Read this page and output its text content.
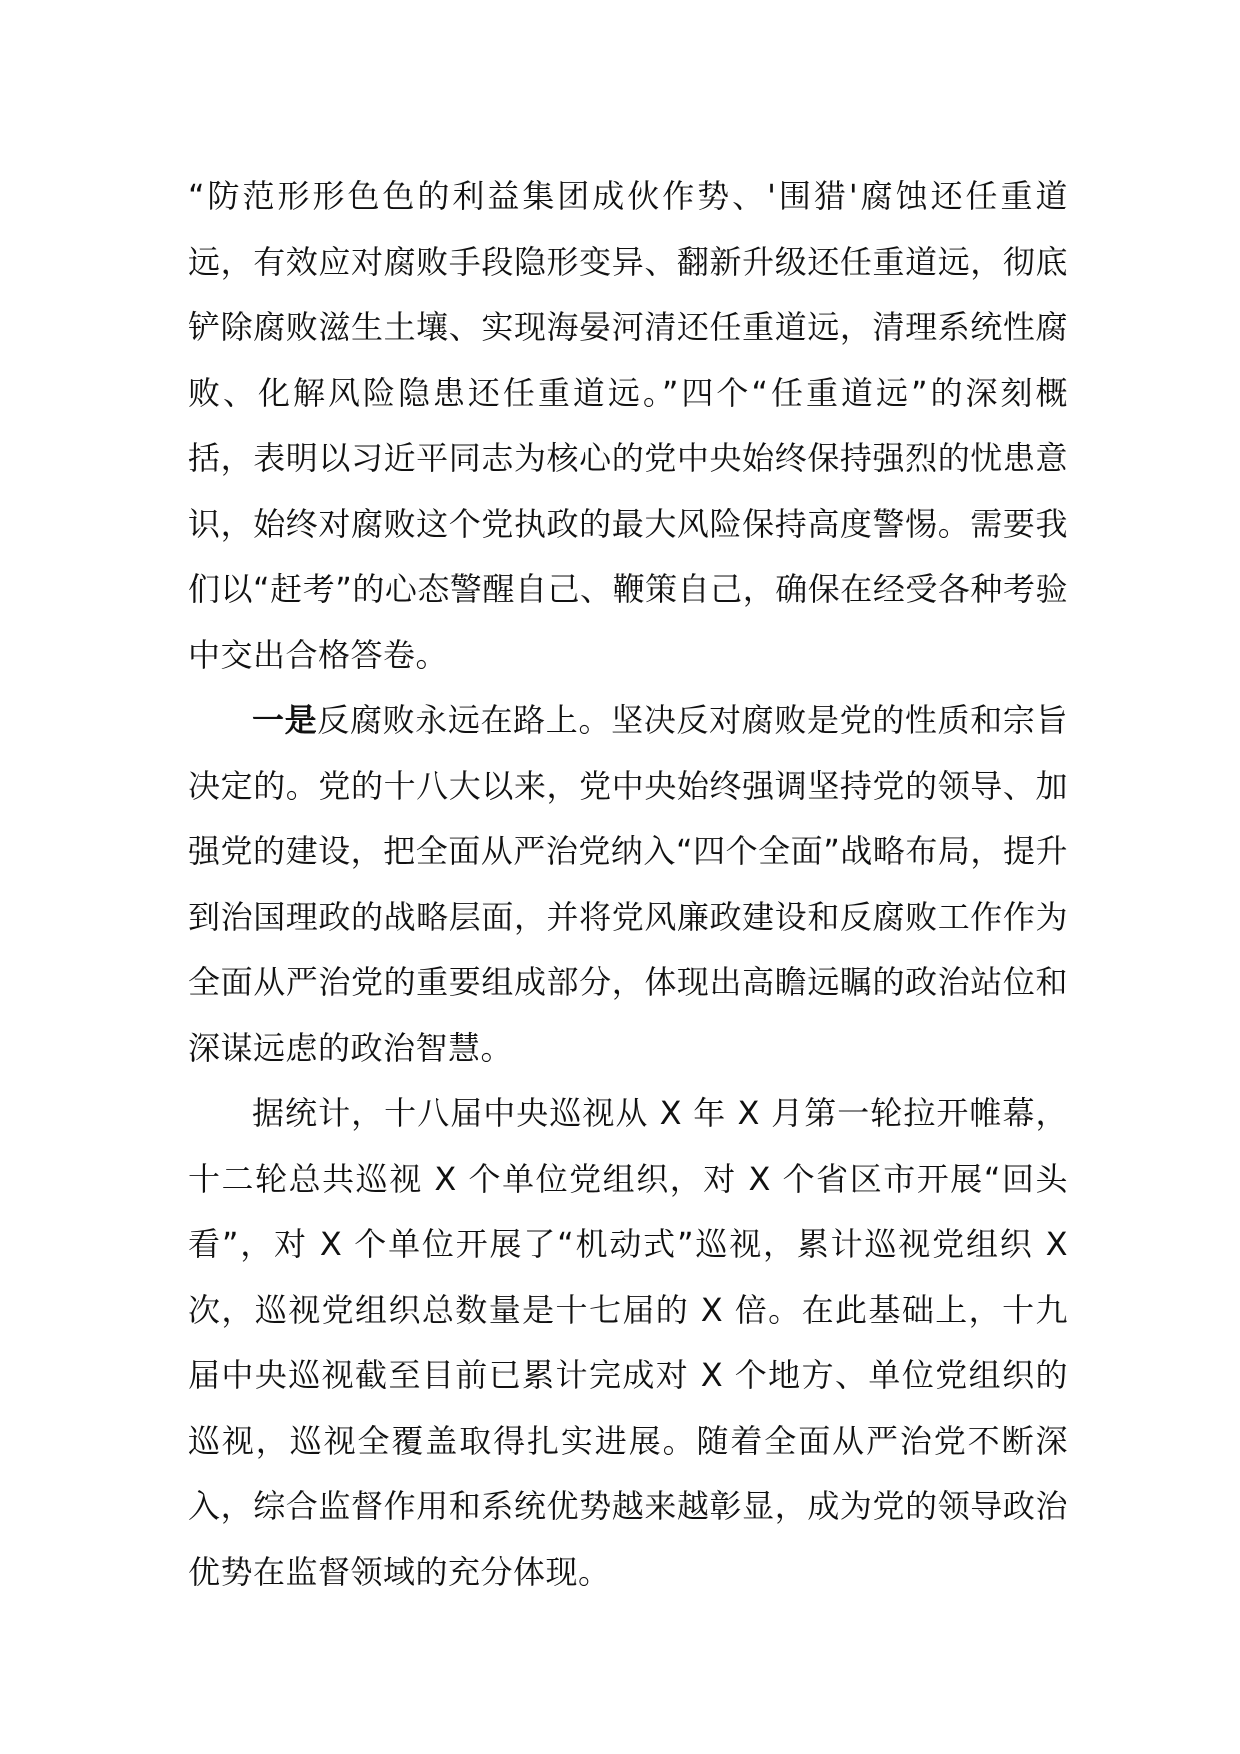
“防范形形色色的利益集团成伙作势、'围猎'腐蚀还任重道远，有效应对腐败手段隐形变异、翻新升级还任重道远，彻底铲除腐败滋生土壤、实现海晏河清还任重道远，清理系统性腐败、化解风险隐患还任重道远。”四个“任重道远”的深刻概括，表明以习近平同志为核心的党中央始终保持强烈的忧患意识，始终对腐败这个党执政的最大风险保持高度警惕。需要我们以“赶考”的心态警醒自己、鞭策自己，确保在经受各种考验中交出合格答卷。

一是反腐败永远在路上。坚决反对腐败是党的性质和宗旨决定的。党的十八大以来，党中央始终强调坚持党的领导、加强党的建设，把全面从严治党纳入“四个全面”战略布局，提升到治国理政的战略层面，并将党风廉政建设和反腐败工作作为全面从严治党的重要组成部分，体现出高瞻远瞩的政治站位和深谋远虑的政治智慧。

据统计，十八届中央巡视从 X 年 X 月第一轮拉开帷幕，十二轮总共巡视 X 个单位党组织，对 X 个省区市开展“回头看”，对 X 个单位开展了“机动式”巡视，累计巡视党组织 X 次，巡视党组织总数量是十七届的 X 倍。在此基础上，十九届中央巡视截至目前已累计完成对 X 个地方、单位党组织的巡视，巡视全覆盖取得扎实进展。随着全面从严治党不断深入，综合监督作用和系统优势越来越彰显，成为党的领导政治优势在监督领域的充分体现。
